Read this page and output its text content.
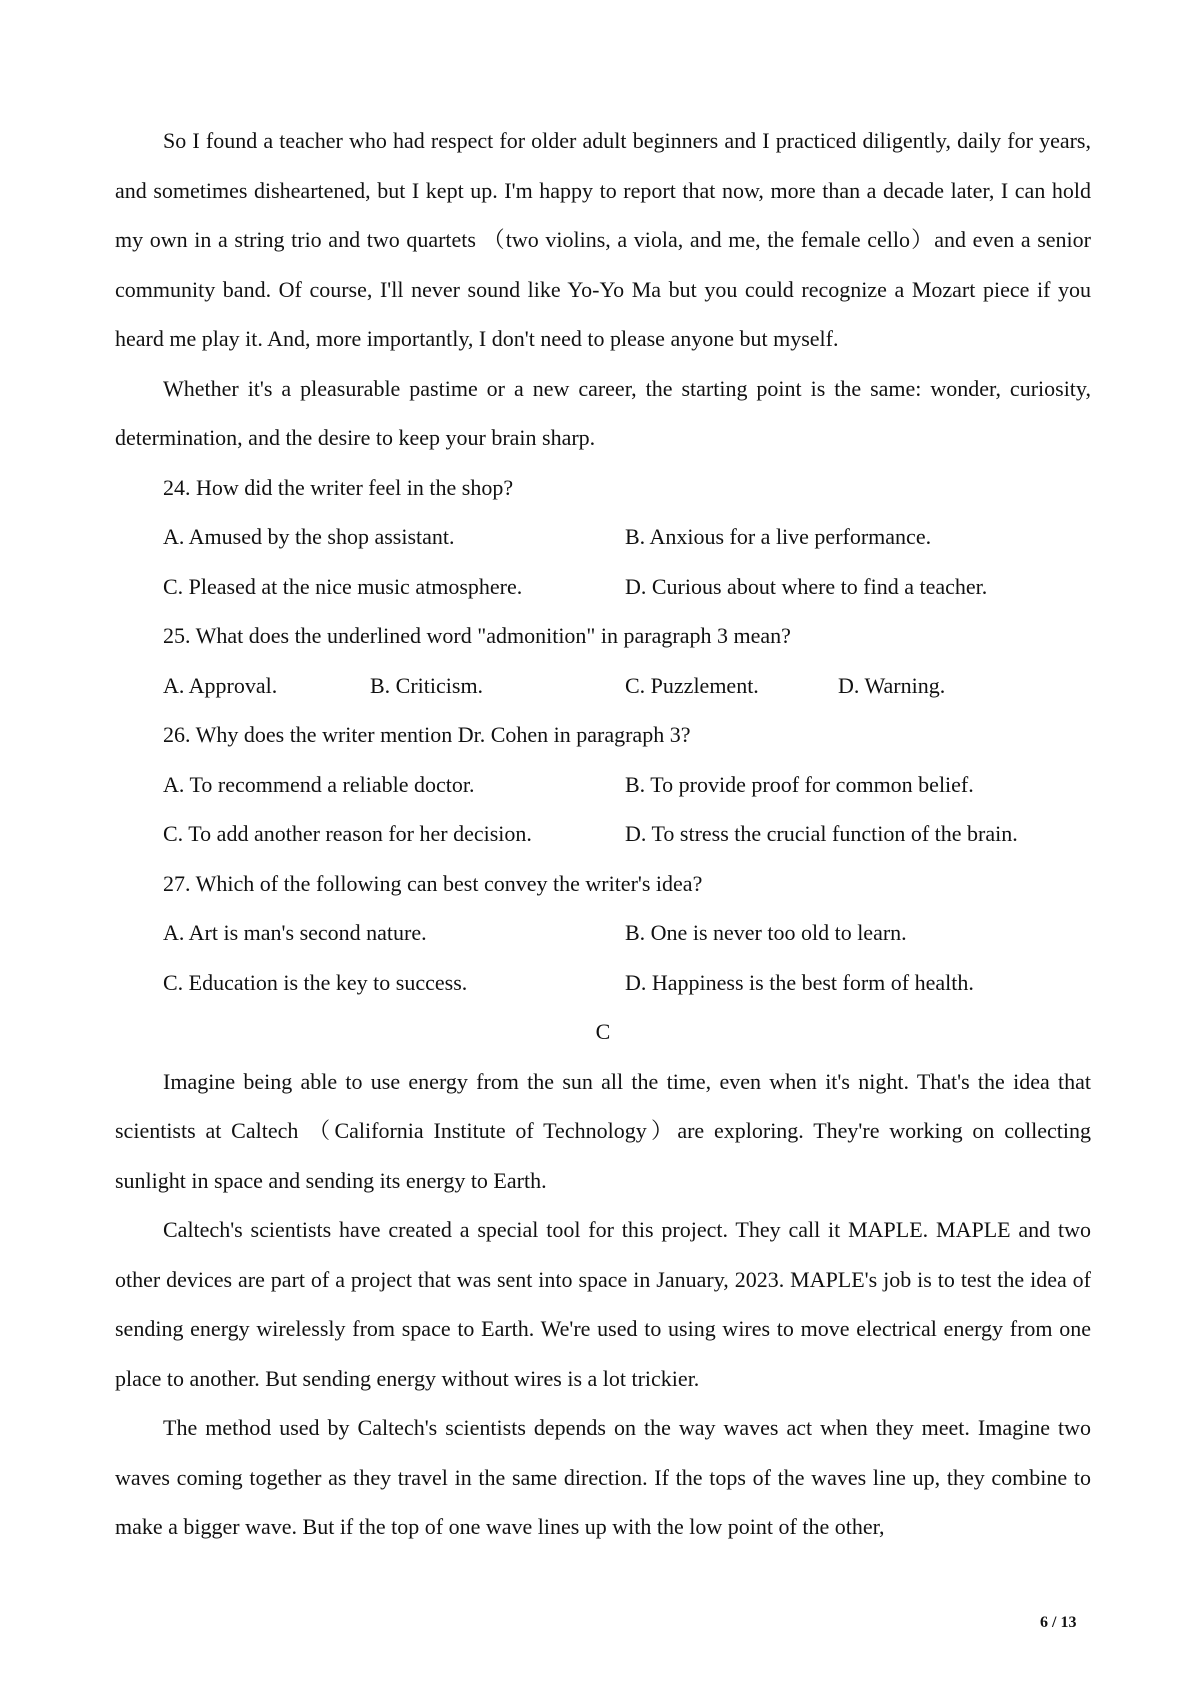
So I found a teacher who had respect for older adult beginners and I practiced diligently, daily for years, and sometimes disheartened, but I kept up. I'm happy to report that now, more than a decade later, I can hold my own in a string trio and two quartets （two violins, a viola, and me, the female cello）and even a senior community band. Of course, I'll never sound like Yo-Yo Ma but you could recognize a Mozart piece if you heard me play it. And, more importantly, I don't need to please anyone but myself.

Whether it's a pleasurable pastime or a new career, the starting point is the same: wonder, curiosity, determination, and the desire to keep your brain sharp.

24. How did the writer feel in the shop?

A. Amused by the shop assistant.	B. Anxious for a live performance.
C. Pleased at the nice music atmosphere.	D. Curious about where to find a teacher.

25. What does the underlined word "admonition" in paragraph 3 mean?

A. Approval.	B. Criticism.	C. Puzzlement.	D. Warning.

26. Why does the writer mention Dr. Cohen in paragraph 3?

A. To recommend a reliable doctor.	B. To provide proof for common belief.
C. To add another reason for her decision.	D. To stress the crucial function of the brain.

27. Which of the following can best convey the writer's idea?

A. Art is man's second nature.	B. One is never too old to learn.
C. Education is the key to success.	D. Happiness is the best form of health.

C

Imagine being able to use energy from the sun all the time, even when it's night. That's the idea that scientists at Caltech （California Institute of Technology）are exploring. They're working on collecting sunlight in space and sending its energy to Earth.

Caltech's scientists have created a special tool for this project. They call it MAPLE. MAPLE and two other devices are part of a project that was sent into space in January, 2023. MAPLE's job is to test the idea of sending energy wirelessly from space to Earth. We're used to using wires to move electrical energy from one place to another. But sending energy without wires is a lot trickier.

The method used by Caltech's scientists depends on the way waves act when they meet. Imagine two waves coming together as they travel in the same direction. If the tops of the waves line up, they combine to make a bigger wave. But if the top of one wave lines up with the low point of the other,

6 / 13
